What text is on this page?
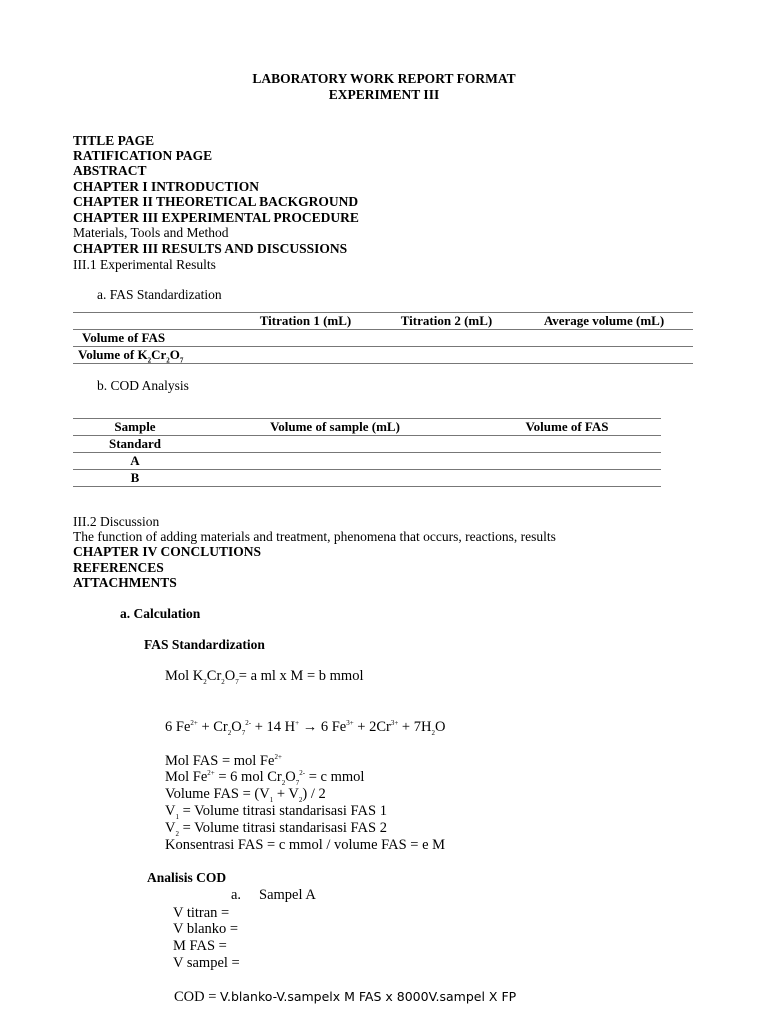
LABORATORY WORK REPORT FORMAT
EXPERIMENT III
TITLE PAGE
RATIFICATION PAGE
ABSTRACT
CHAPTER I INTRODUCTION
CHAPTER II THEORETICAL BACKGROUND
CHAPTER III EXPERIMENTAL PROCEDURE
Materials, Tools and Method
CHAPTER III RESULTS AND DISCUSSIONS
III.1 Experimental Results
a. FAS Standardization
	Titration 1 (mL)	Titration 2 (mL)	Average volume (mL)
Volume of FAS			
Volume of $K_2Cr_2O_7$			
b. COD Analysis
Sample	Volume of sample (mL)	Volume of FAS
Standard		
A		
B		
III.2 Discussion
The function of adding materials and treatment, phenomena that occurs, reactions, results
CHAPTER IV CONCLUTIONS
REFERENCES
ATTACHMENTS
a. Calculation
FAS Standardization
Mol $K_2Cr_2O_7= a$ ml x M = b mmol
6 $Fe^{2+} + Cr_2O_7^{2-} + 14$ H+ → 6 $Fe^{3+} + 2Cr^{3+} + 7H_2O$
Mol FAS = mol $Fe^{2+}$
Mol $Fe^{2+} = 6$ mol $Cr_2O_7^{2-} = c$ mmol
Volume FAS = $(V_1 + V_2) / 2$
$V_1$ = Volume titrasi standarisasi FAS 1
$V_2$ = Volume titrasi standarisasi FAS 2
Konsentrasi FAS = c mmol / volume FAS = e M
Analisis COD
a. Sampel A
V titran =
V blanko =
M FAS =
V sampel =
COD = V.blanko-V.sampelx M FAS x 8000V.sampel X FP
